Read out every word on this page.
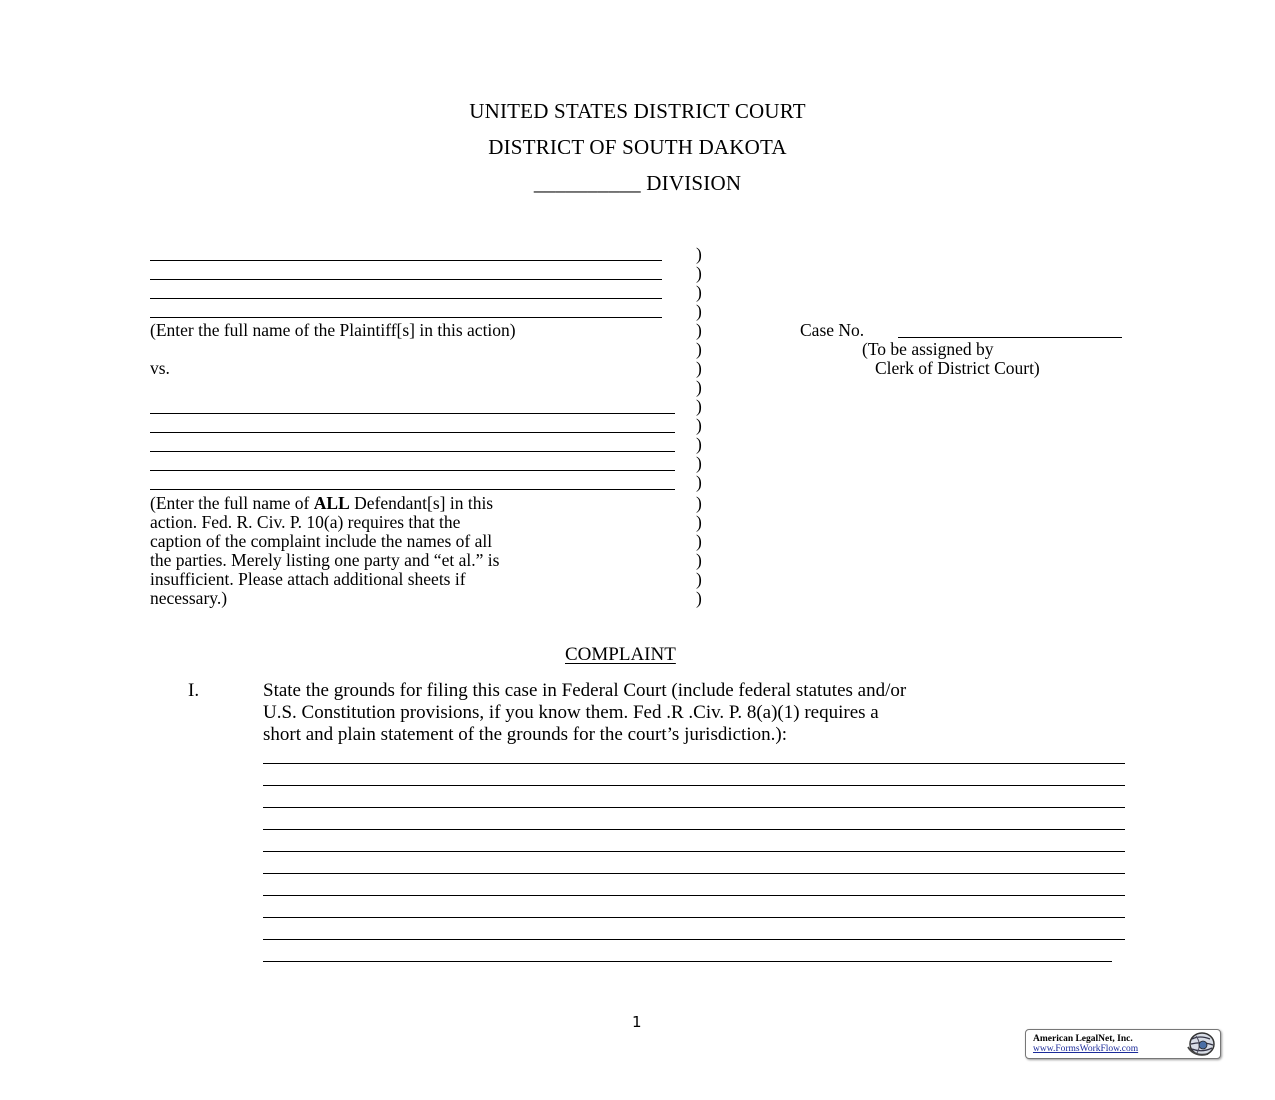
UNITED STATES DISTRICT COURT
DISTRICT OF SOUTH DAKOTA
__________ DIVISION
(Enter the full name of the Plaintiff[s] in this action)
vs.
(Enter the full name of ALL Defendant[s] in this
action. Fed. R. Civ. P. 10(a) requires that the
caption of the complaint include the names of all
the parties. Merely listing one party and “et al.” is
insufficient. Please attach additional sheets if
necessary.)
)
)
)
)
)
)
)
)
)
)
)
)
)
)
)
)
)
)
)
Case No.
(To be assigned by
Clerk of District Court)
COMPLAINT
I.	State the grounds for filing this case in Federal Court (include federal statutes and/or
U.S. Constitution provisions, if you know them. Fed .R .Civ. P. 8(a)(1) requires a
short and plain statement of the grounds for the court’s jurisdiction.):
1
American LegalNet, Inc.
www.FormsWorkFlow.com
